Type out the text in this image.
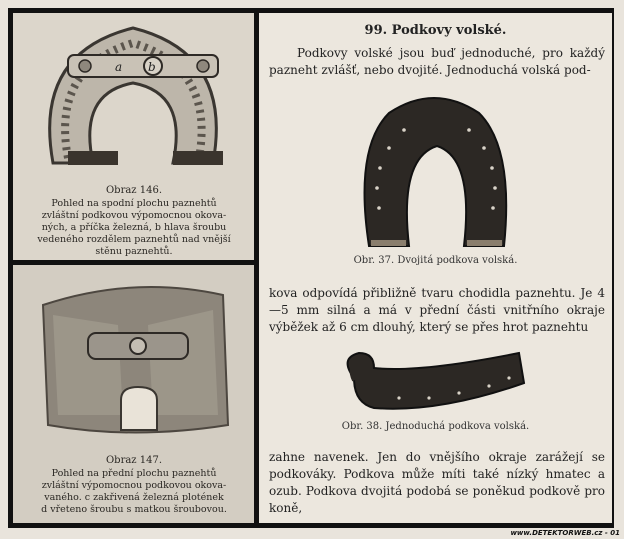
a b
Obraz 146.
Pohled na spodní plochu paznehtů
zvláštní podkovou výpomocnou okova-
ných, a příčka železná, b hlava šroubu
vedeného rozdělem paznehtů nad vnější
stěnu paznehtů.
Obraz 147.
Pohled na přední plochu paznehtů
zvláštní výpomocnou podkovou okova-
vaného. c zakřivená železná plotének
d vřeteno šroubu s matkou šroubovou.
99. Podkovy volské.
Podkovy volské jsou buď jednoduché, pro každý pazneht zvlášť, nebo dvojité. Jednoduchá volská pod-
Obr. 37. Dvojitá podkova volská.
kova odpovídá přibližně tvaru chodidla paznehtu. Je 4—5 mm silná a má v přední části vnitřního okraje výběžek až 6 cm dlouhý, který se přes hrot paznehtu
Obr. 38. Jednoduchá podkova volská.
zahne navenek. Jen do vnějšího okraje zarážejí se podkováky. Podkova může míti také nízký hmatec a ozub. Podkova dvojitá podobá se poněkud podkově pro koně,
www.DETEKTORWEB.cz - 01
